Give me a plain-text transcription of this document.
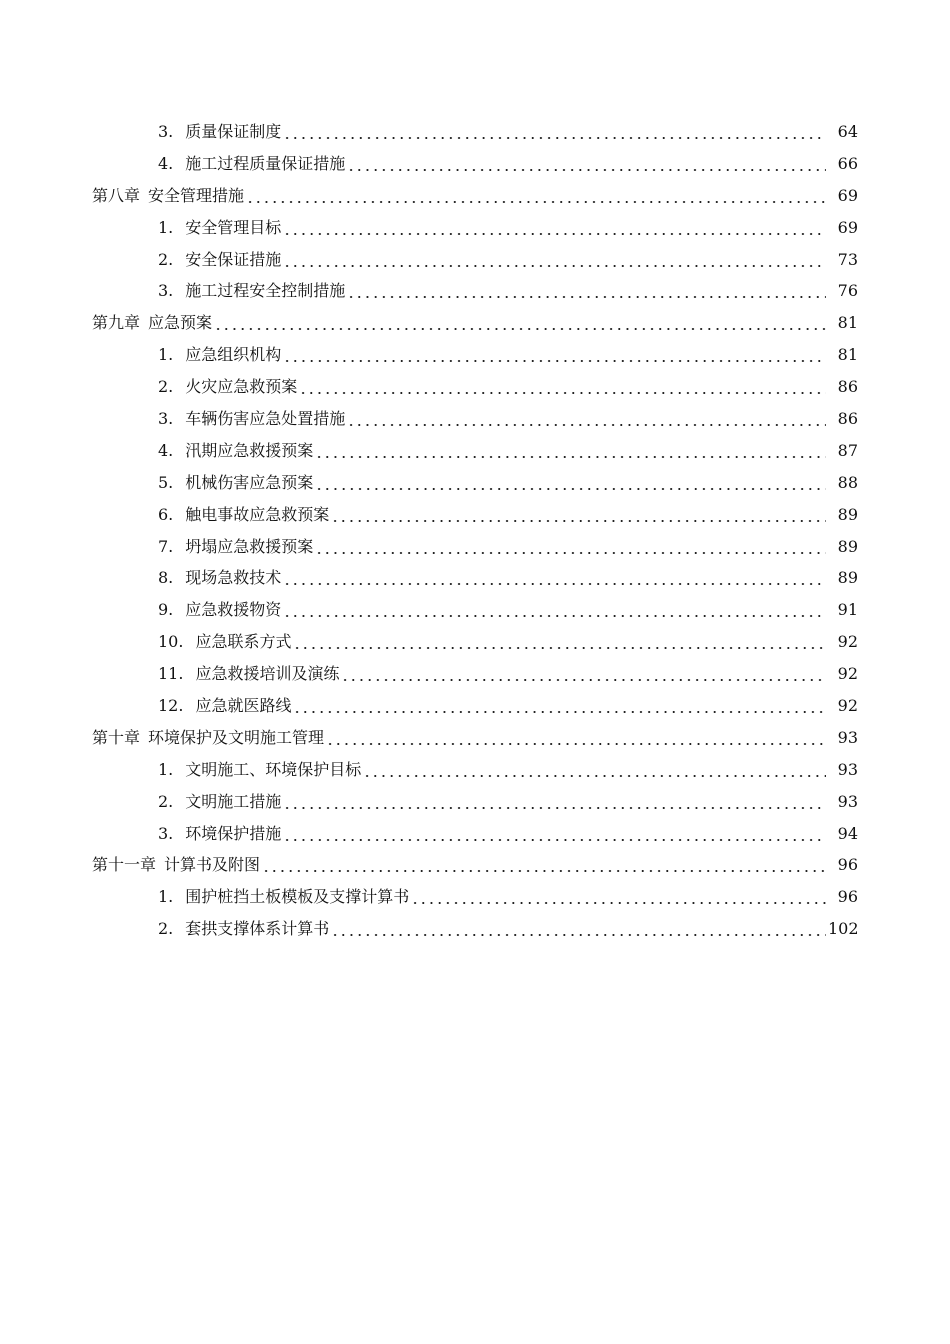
3. 质量保证制度	64
4. 施工过程质量保证措施	66
第八章 安全管理措施	69
1. 安全管理目标	69
2. 安全保证措施	73
3. 施工过程安全控制措施	76
第九章 应急预案	81
1. 应急组织机构	81
2. 火灾应急救预案	86
3. 车辆伤害应急处置措施	86
4. 汛期应急救援预案	87
5. 机械伤害应急预案	88
6. 触电事故应急救预案	89
7. 坍塌应急救援预案	89
8. 现场急救技术	89
9. 应急救援物资	91
10. 应急联系方式	92
11. 应急救援培训及演练	92
12. 应急就医路线	92
第十章 环境保护及文明施工管理	93
1. 文明施工、环境保护目标	93
2. 文明施工措施	93
3. 环境保护措施	94
第十一章 计算书及附图	96
1. 围护桩挡土板模板及支撑计算书	96
2. 套拱支撑体系计算书	102
